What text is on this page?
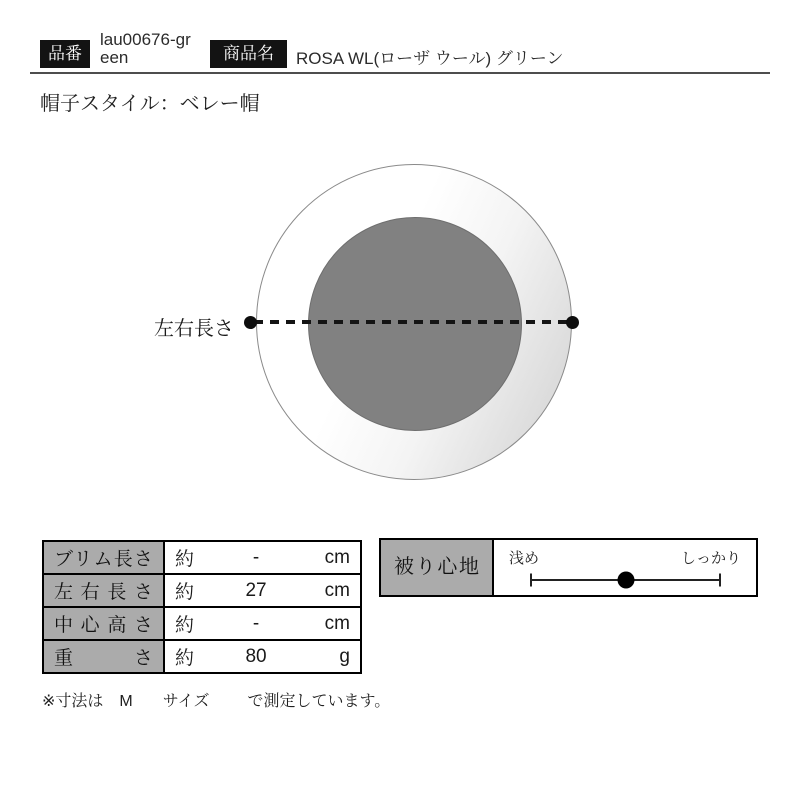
品番
lau00676-green	商品名	ROSA WL(ローザ ウール) グリーン
帽子スタイル：ベレー帽
左右長さ
ブリム長さ	約 - cm

左右長さ	約 27 cm

中心高さ	約 - cm

重さ	約 80 g
被り心地	浅め	しっかり
※寸法は M サイズ で測定しています。
